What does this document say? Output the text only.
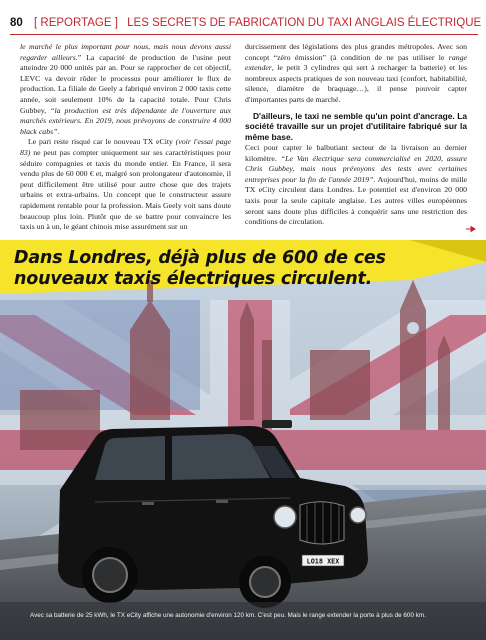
80 [ REPORTAGE ] LES SECRETS DE FABRICATION DU TAXI ANGLAIS ÉLECTRIQUE

le marché le plus important pour nous, mais nous devons aussi regarder ailleurs.” La capacité de production de l'usine peut atteindre 20 000 unités par an. Pour se rapprocher de cet objectif, LEVC va devoir rôder le processus pour améliorer le flux de production. La filiale de Geely a fabriqué environ 2 000 taxis cette année, soit seulement 10% de la capacité totale. Pour Chris Gubbey, “la production est très dépendante de l'ouverture aux marchés extérieurs. En 2019, nous prévoyons de construire 4 000 black cabs”.

Le pari reste risqué car le nouveau TX eCity (voir l'essai page 83) ne peut pas compter uniquement sur ses caractéristiques pour séduire compagnies et taxis du monde entier. En France, il sera vendu plus de 60 000 € et, malgré son prolongateur d'autonomie, il peut difficilement être utilisé pour autre chose que des trajets urbains et extra-urbains. Un concept que le constructeur assure rapidement rentable pour la profession. Mais Geely voit sans doute beaucoup plus loin. Plutôt que de se battre pour convaincre les taxis un à un, le géant chinois mise assurément sur un

durcissement des législations des plus grandes métropoles. Avec son concept “zéro émission” (à condition de ne pas utiliser le range extender, le petit 3 cylindres qui sert à recharger la batterie) et les nombreux aspects pratiques de son nouveau taxi (confort, habitabilité, silence, diamètre de braquage…), il pense pouvoir capter d'importantes parts de marché.

D'ailleurs, le taxi ne semble qu'un point d'ancrage. La société travaille sur un projet d'utilitaire fabriqué sur la même base.

Ceci pour capter le balbutiant secteur de la livraison au dernier kilomètre. “Le Van électrique sera commercialisé en 2020, assure Chris Gubbey, mais nous prévoyons des tests avec certaines entreprises pour la fin de l'année 2019”. Aujourd'hui, moins de mille TX eCity circulent dans Londres. Le potentiel est d'environ 20 000 taxis pour la seule capitale anglaise. Les autres villes européennes seront sans doute plus difficiles à conquérir sans une restriction des conditions de circulation.

LO18 XEX
Dans Londres, déjà plus de 600 de ces
nouveaux taxis électriques circulent.
Avec sa batterie de 25 kWh, le TX eCity affiche une autonomie d'environ 120 km. C'est peu. Mais le range extender la porte à plus de 600 km.
